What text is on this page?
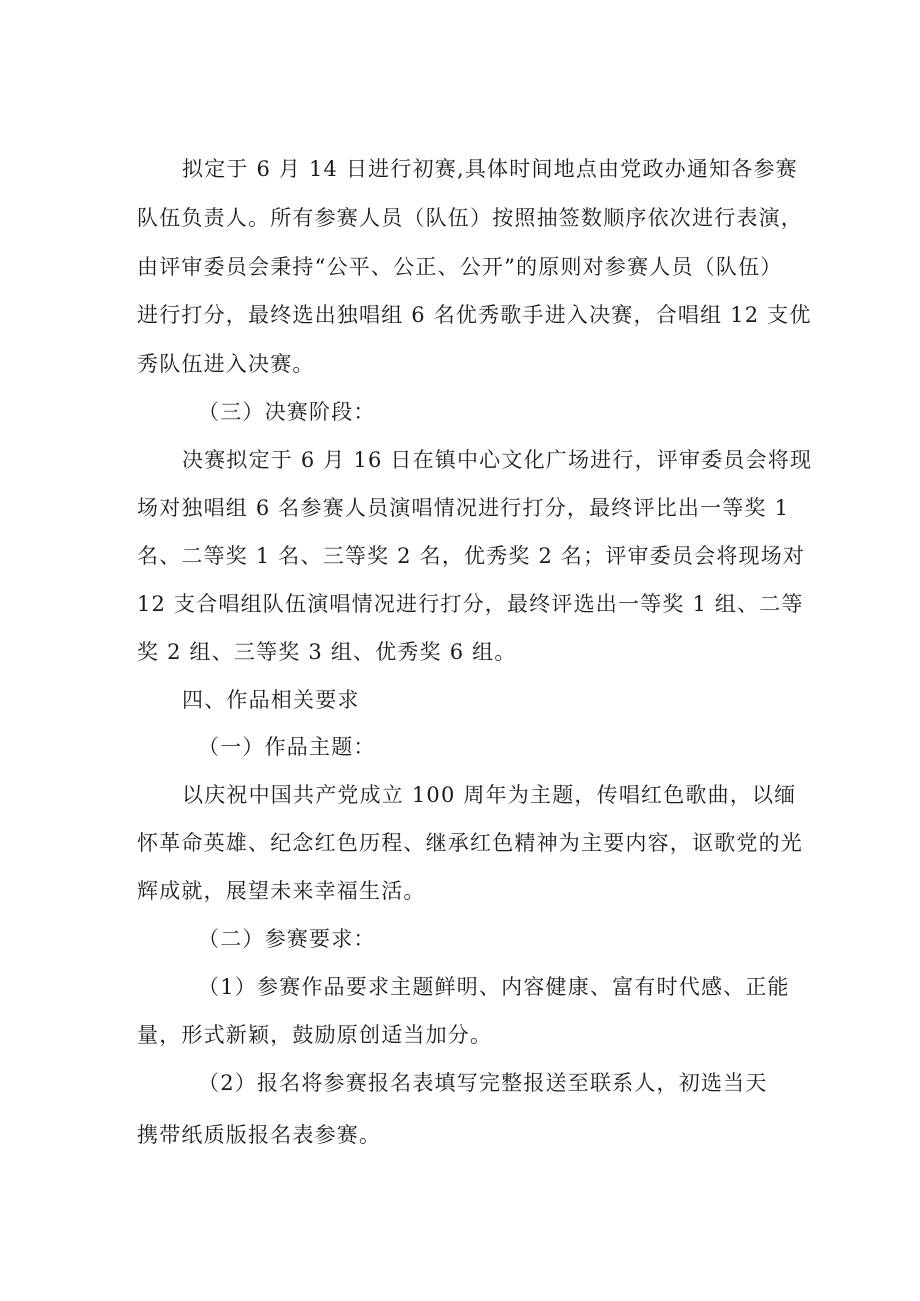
拟定于 6 月 14 日进行初赛,具体时间地点由党政办通知各参赛
队伍负责人。所有参赛人员（队伍）按照抽签数顺序依次进行表演，
由评审委员会秉持“公平、公正、公开”的原则对参赛人员（队伍）
进行打分，最终选出独唱组 6 名优秀歌手进入决赛，合唱组 12 支优
秀队伍进入决赛。
（三）决赛阶段：
决赛拟定于 6 月 16 日在镇中心文化广场进行，评审委员会将现
场对独唱组 6 名参赛人员演唱情况进行打分，最终评比出一等奖 1
名、二等奖 1 名、三等奖 2 名，优秀奖 2 名；评审委员会将现场对
12 支合唱组队伍演唱情况进行打分，最终评选出一等奖 1 组、二等
奖 2 组、三等奖 3 组、优秀奖 6 组。
四、作品相关要求
（一）作品主题：
以庆祝中国共产党成立 100 周年为主题，传唱红色歌曲，以缅
怀革命英雄、纪念红色历程、继承红色精神为主要内容，讴歌党的光
辉成就，展望未来幸福生活。
（二）参赛要求：
（1）参赛作品要求主题鲜明、内容健康、富有时代感、正能
量，形式新颖，鼓励原创适当加分。
（2）报名将参赛报名表填写完整报送至联系人，初选当天
携带纸质版报名表参赛。
